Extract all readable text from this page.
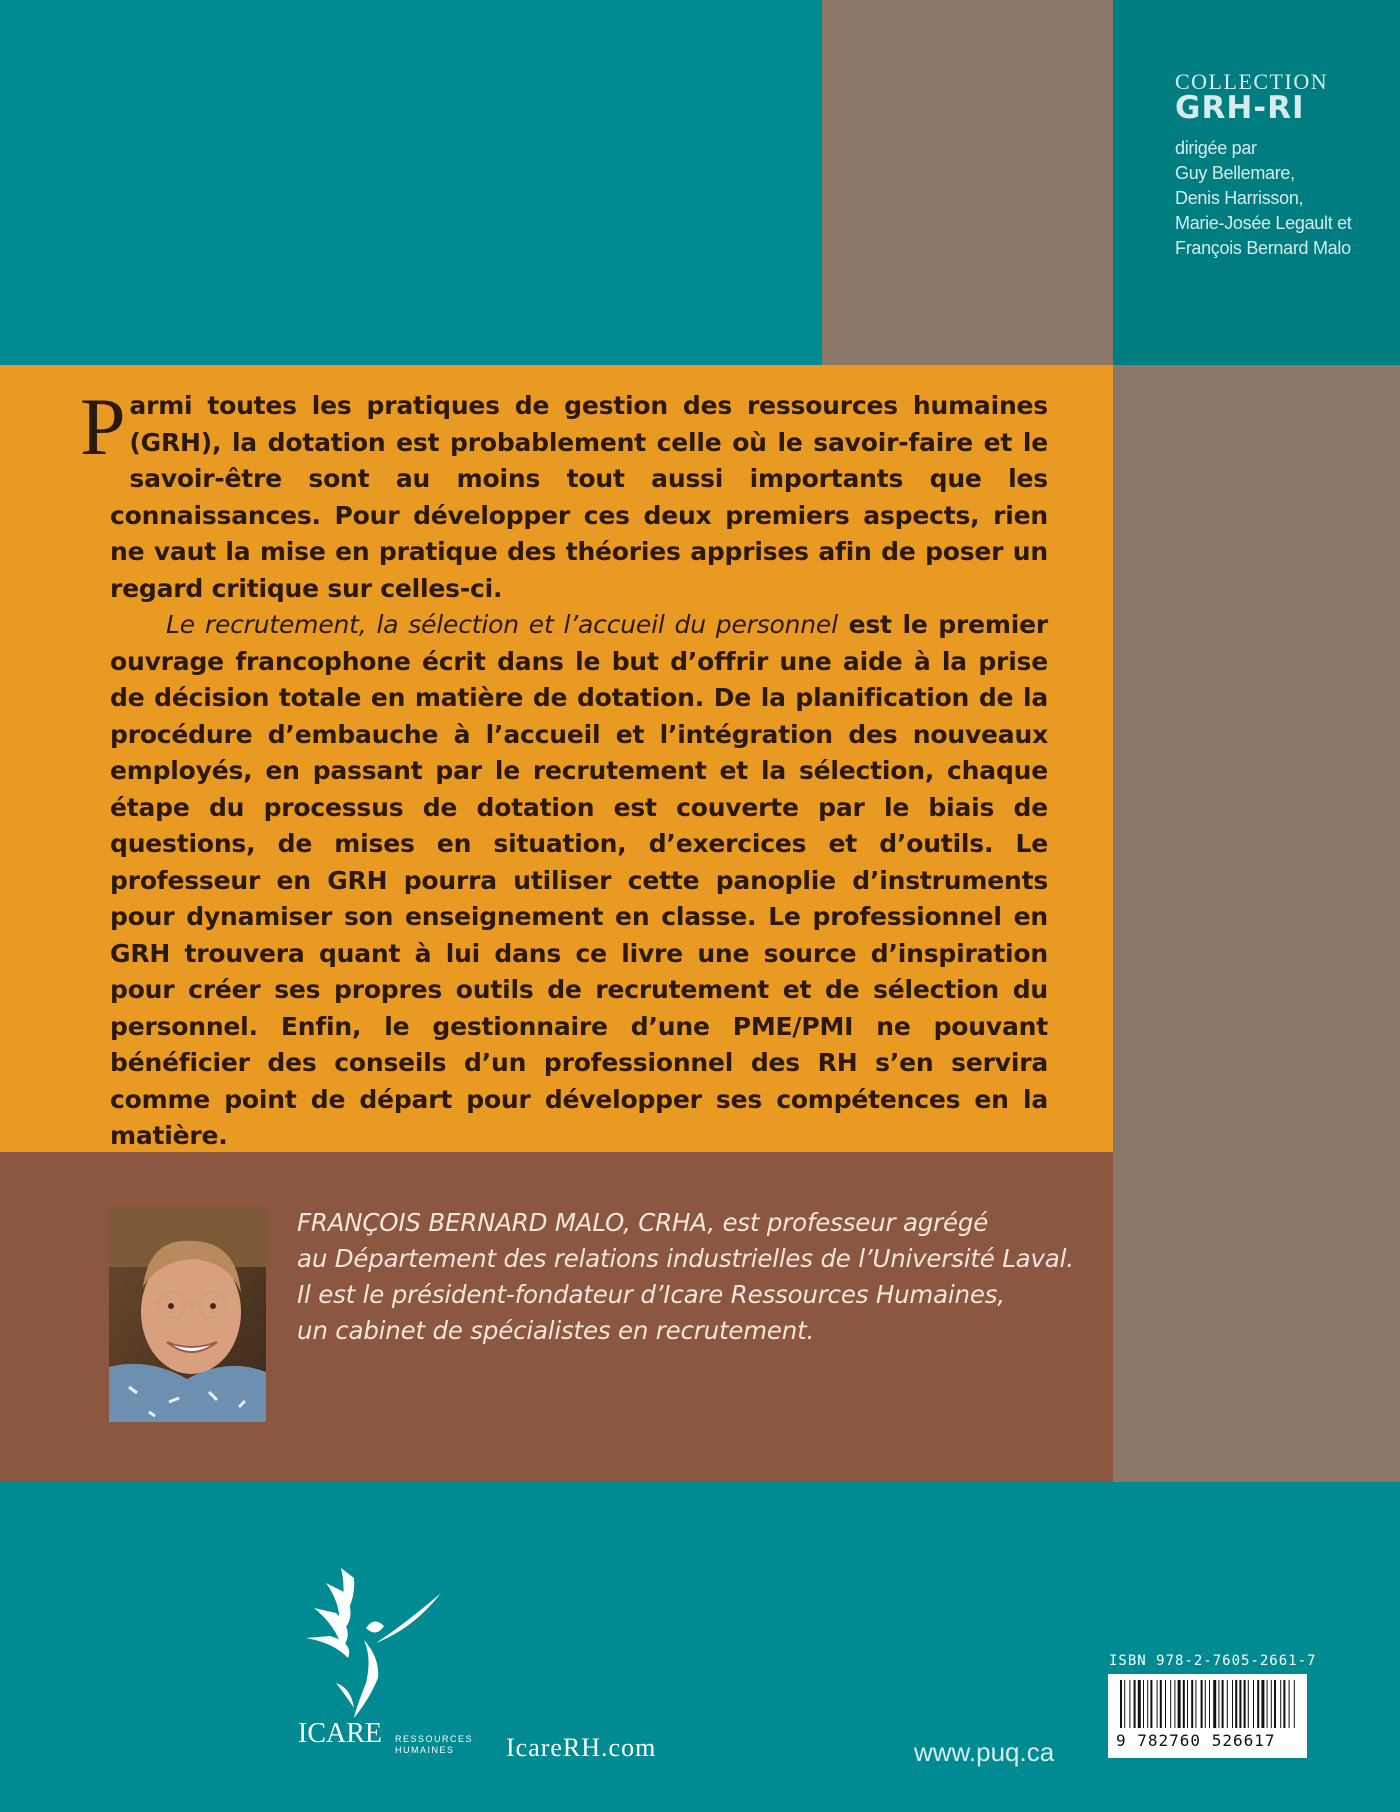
COLLECTION
GRH-RI
dirigée par
Guy Bellemare,
Denis Harrisson,
Marie-Josée Legault et
François Bernard Malo

Parmi toutes les pratiques de gestion des ressources humaines (GRH), la dotation est probablement celle où le savoir-faire et le savoir-être sont au moins tout aussi importants que les connaissances. Pour développer ces deux premiers aspects, rien ne vaut la mise en pratique des théories apprises afin de poser un regard critique sur celles-ci.

Le recrutement, la sélection et l’accueil du personnel est le premier ouvrage francophone écrit dans le but d’offrir une aide à la prise de décision totale en matière de dotation. De la planification de la procédure d’embauche à l’accueil et l’intégration des nouveaux employés, en passant par le recrutement et la sélection, chaque étape du processus de dotation est couverte par le biais de questions, de mises en situation, d’exercices et d’outils. Le professeur en GRH pourra utiliser cette panoplie d’instruments pour dynamiser son enseignement en classe. Le professionnel en GRH trouvera quant à lui dans ce livre une source d’inspiration pour créer ses propres outils de recrutement et de sélection du personnel. Enfin, le gestionnaire d’une PME/PMI ne pouvant bénéficier des conseils d’un professionnel des RH s’en servira comme point de départ pour développer ses compétences en la matière.

FRANÇOIS BERNARD MALO, CRHA, est professeur agrégé
au Département des relations industrielles de l’Université Laval.
Il est le président-fondateur d’Icare Ressources Humaines,
un cabinet de spécialistes en recrutement.
ICARE RESSOURCES
HUMAINES	IcareRH.com	www.puq.ca
ISBN 978-2-7605-2661-7
9 782760 526617
